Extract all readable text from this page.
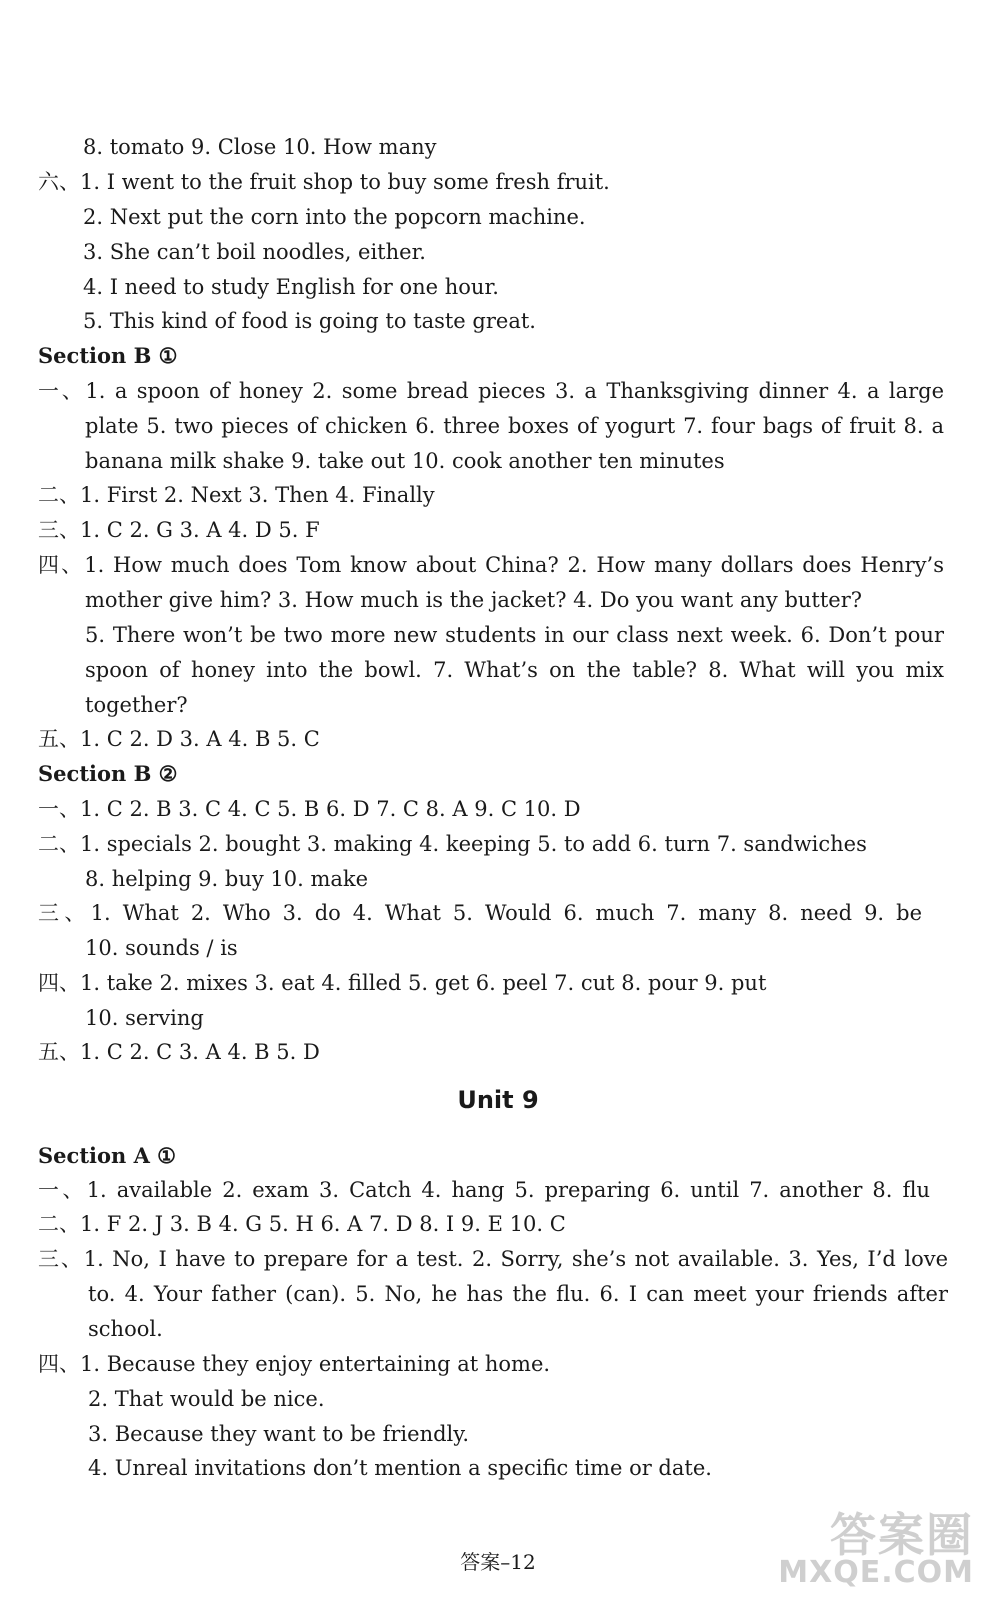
8. tomato 9. Close 10. How many
六、1. I went to the fruit shop to buy some fresh fruit.
2. Next put the corn into the popcorn machine.
3. She can’t boil noodles, either.
4. I need to study English for one hour.
5. This kind of food is going to taste great.
Section B ①
一、1. a spoon of honey 2. some bread pieces 3. a Thanksgiving dinner 4. a large
plate 5. two pieces of chicken 6. three boxes of yogurt 7. four bags of fruit 8. a
banana milk shake 9. take out 10. cook another ten minutes
二、1. First 2. Next 3. Then 4. Finally
三、1. C 2. G 3. A 4. D 5. F
四、1. How much does Tom know about China? 2. How many dollars does Henry’s
mother give him? 3. How much is the jacket? 4. Do you want any butter?
5. There won’t be two more new students in our class next week. 6. Don’t pour
spoon of honey into the bowl. 7. What’s on the table? 8. What will you mix
together?
五、1. C 2. D 3. A 4. B 5. C
Section B ②
一、1. C 2. B 3. C 4. C 5. B 6. D 7. C 8. A 9. C 10. D
二、1. specials 2. bought 3. making 4. keeping 5. to add 6. turn 7. sandwiches
8. helping 9. buy 10. make
三、1. What 2. Who 3. do 4. What 5. Would 6. much 7. many 8. need 9. be
10. sounds / is
四、1. take 2. mixes 3. eat 4. filled 5. get 6. peel 7. cut 8. pour 9. put
10. serving
五、1. C 2. C 3. A 4. B 5. D
Unit 9
Section A ①
一、1. available 2. exam 3. Catch 4. hang 5. preparing 6. until 7. another 8. flu
二、1. F 2. J 3. B 4. G 5. H 6. A 7. D 8. I 9. E 10. C
三、1. No, I have to prepare for a test. 2. Sorry, she’s not available. 3. Yes, I’d love
to. 4. Your father (can). 5. No, he has the flu. 6. I can meet your friends after
school.
四、1. Because they enjoy entertaining at home.
2. That would be nice.
3. Because they want to be friendly.
4. Unreal invitations don’t mention a specific time or date.
答案–12	答案圈
MXQE.COM
